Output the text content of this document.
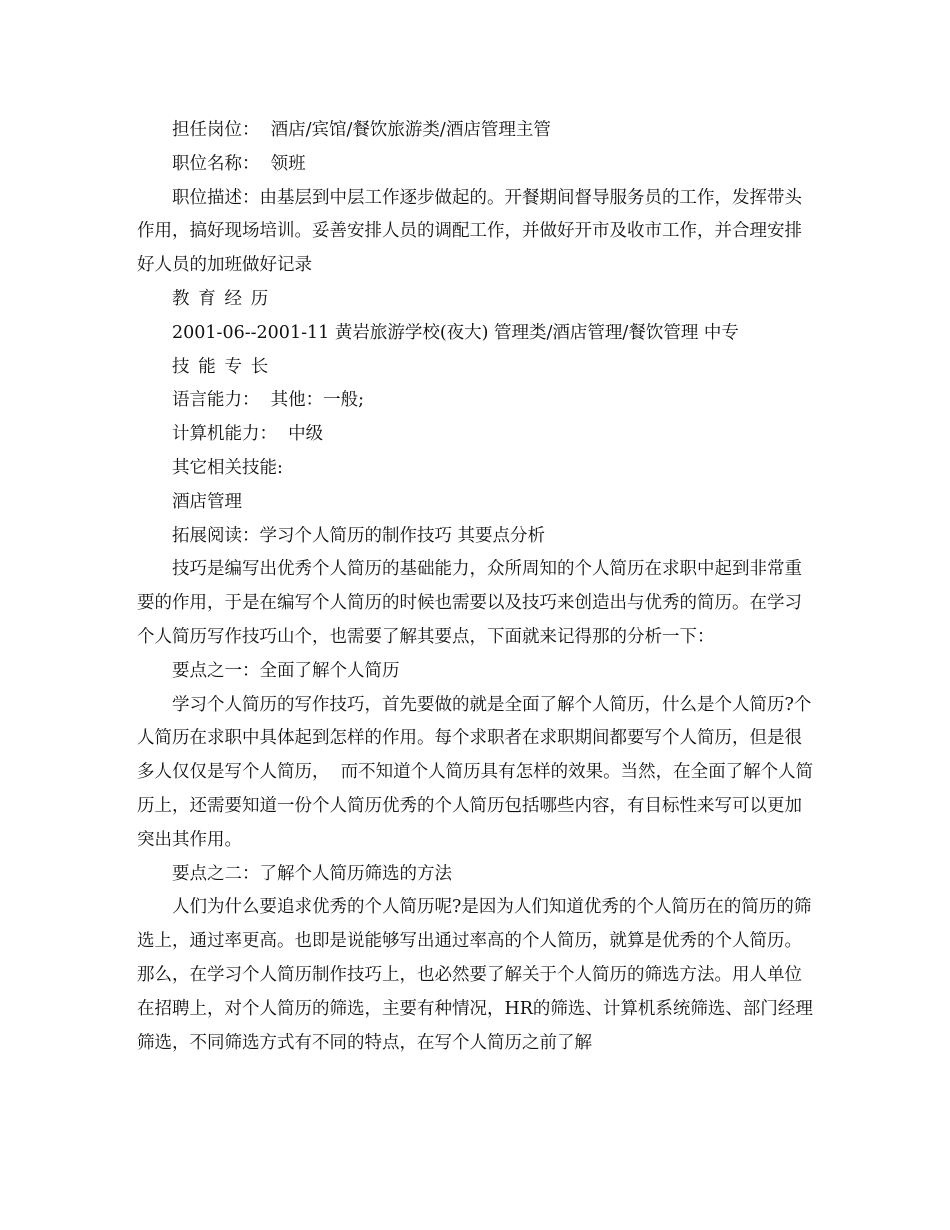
担任岗位： 酒店/宾馆/餐饮旅游类/酒店管理主管

职位名称： 领班

职位描述：由基层到中层工作逐步做起的。开餐期间督导服务员的工作，发挥带头作用，搞好现场培训。妥善安排人员的调配工作，并做好开市及收市工作，并合理安排好人员的加班做好记录

教育经历

2001-06--2001-11 黄岩旅游学校(夜大) 管理类/酒店管理/餐饮管理 中专

技能专长

语言能力： 其他：一般;

计算机能力： 中级

其它相关技能:

酒店管理

拓展阅读：学习个人简历的制作技巧 其要点分析

技巧是编写出优秀个人简历的基础能力，众所周知的个人简历在求职中起到非常重要的作用，于是在编写个人简历的时候也需要以及技巧来创造出与优秀的简历。在学习个人简历写作技巧山个，也需要了解其要点，下面就来记得那的分析一下：

要点之一：全面了解个人简历

学习个人简历的写作技巧，首先要做的就是全面了解个人简历，什么是个人简历?个人简历在求职中具体起到怎样的作用。每个求职者在求职期间都要写个人简历，但是很多人仅仅是写个人简历， 而不知道个人简历具有怎样的效果。当然，在全面了解个人简历上，还需要知道一份个人简历优秀的个人简历包括哪些内容，有目标性来写可以更加突出其作用。

要点之二：了解个人简历筛选的方法

人们为什么要追求优秀的个人简历呢?是因为人们知道优秀的个人简历在的简历的筛选上，通过率更高。也即是说能够写出通过率高的个人简历，就算是优秀的个人简历。那么，在学习个人简历制作技巧上，也必然要了解关于个人简历的筛选方法。用人单位在招聘上，对个人简历的筛选，主要有种情况，HR的筛选、计算机系统筛选、部门经理筛选，不同筛选方式有不同的特点，在写个人简历之前了解
